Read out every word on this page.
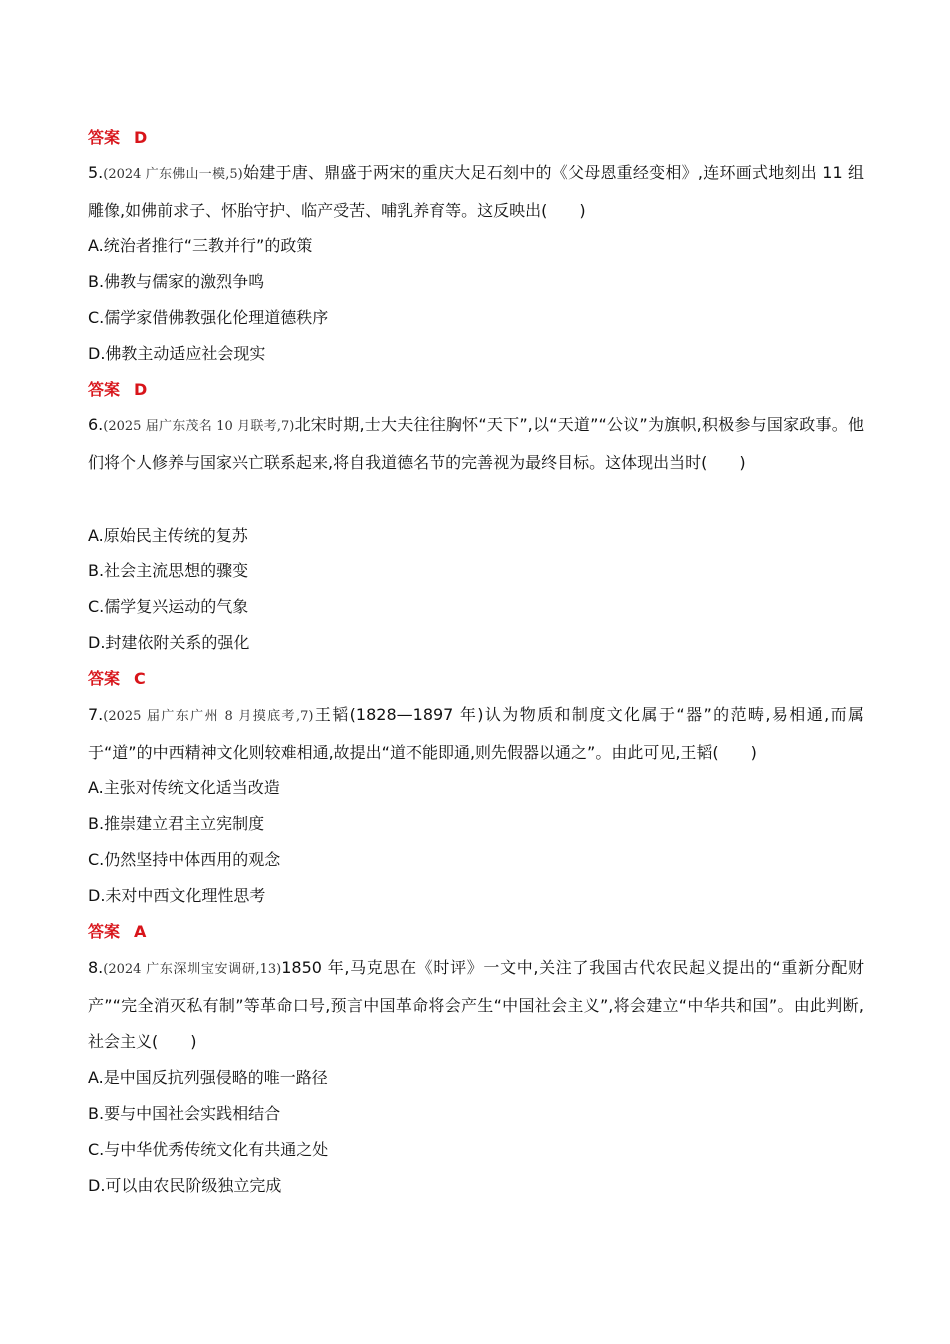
答案 D
5.(2024 广东佛山一模,5)始建于唐、鼎盛于两宋的重庆大足石刻中的《父母恩重经变相》,连环画式地刻出 11 组雕像,如佛前求子、怀胎守护、临产受苦、哺乳养育等。这反映出(　　)
A.统治者推行“三教并行”的政策
B.佛教与儒家的激烈争鸣
C.儒学家借佛教强化伦理道德秩序
D.佛教主动适应社会现实
答案 D
6.(2025 届广东茂名 10 月联考,7)北宋时期,士大夫往往胸怀“天下”,以“天道”“公议”为旗帜,积极参与国家政事。他们将个人修养与国家兴亡联系起来,将自我道德名节的完善视为最终目标。这体现出当时(　　)
A.原始民主传统的复苏
B.社会主流思想的骤变
C.儒学复兴运动的气象
D.封建依附关系的强化
答案 C
7.(2025 届广东广州 8 月摸底考,7)王韬(1828—1897 年)认为物质和制度文化属于“器”的范畴,易相通,而属于“道”的中西精神文化则较难相通,故提出“道不能即通,则先假器以通之”。由此可见,王韬(　　)
A.主张对传统文化适当改造
B.推崇建立君主立宪制度
C.仍然坚持中体西用的观念
D.未对中西文化理性思考
答案 A
8.(2024 广东深圳宝安调研,13)1850 年,马克思在《时评》一文中,关注了我国古代农民起义提出的“重新分配财产”“完全消灭私有制”等革命口号,预言中国革命将会产生“中国社会主义”,将会建立“中华共和国”。由此判断,社会主义(　　)
A.是中国反抗列强侵略的唯一路径
B.要与中国社会实践相结合
C.与中华优秀传统文化有共通之处
D.可以由农民阶级独立完成
